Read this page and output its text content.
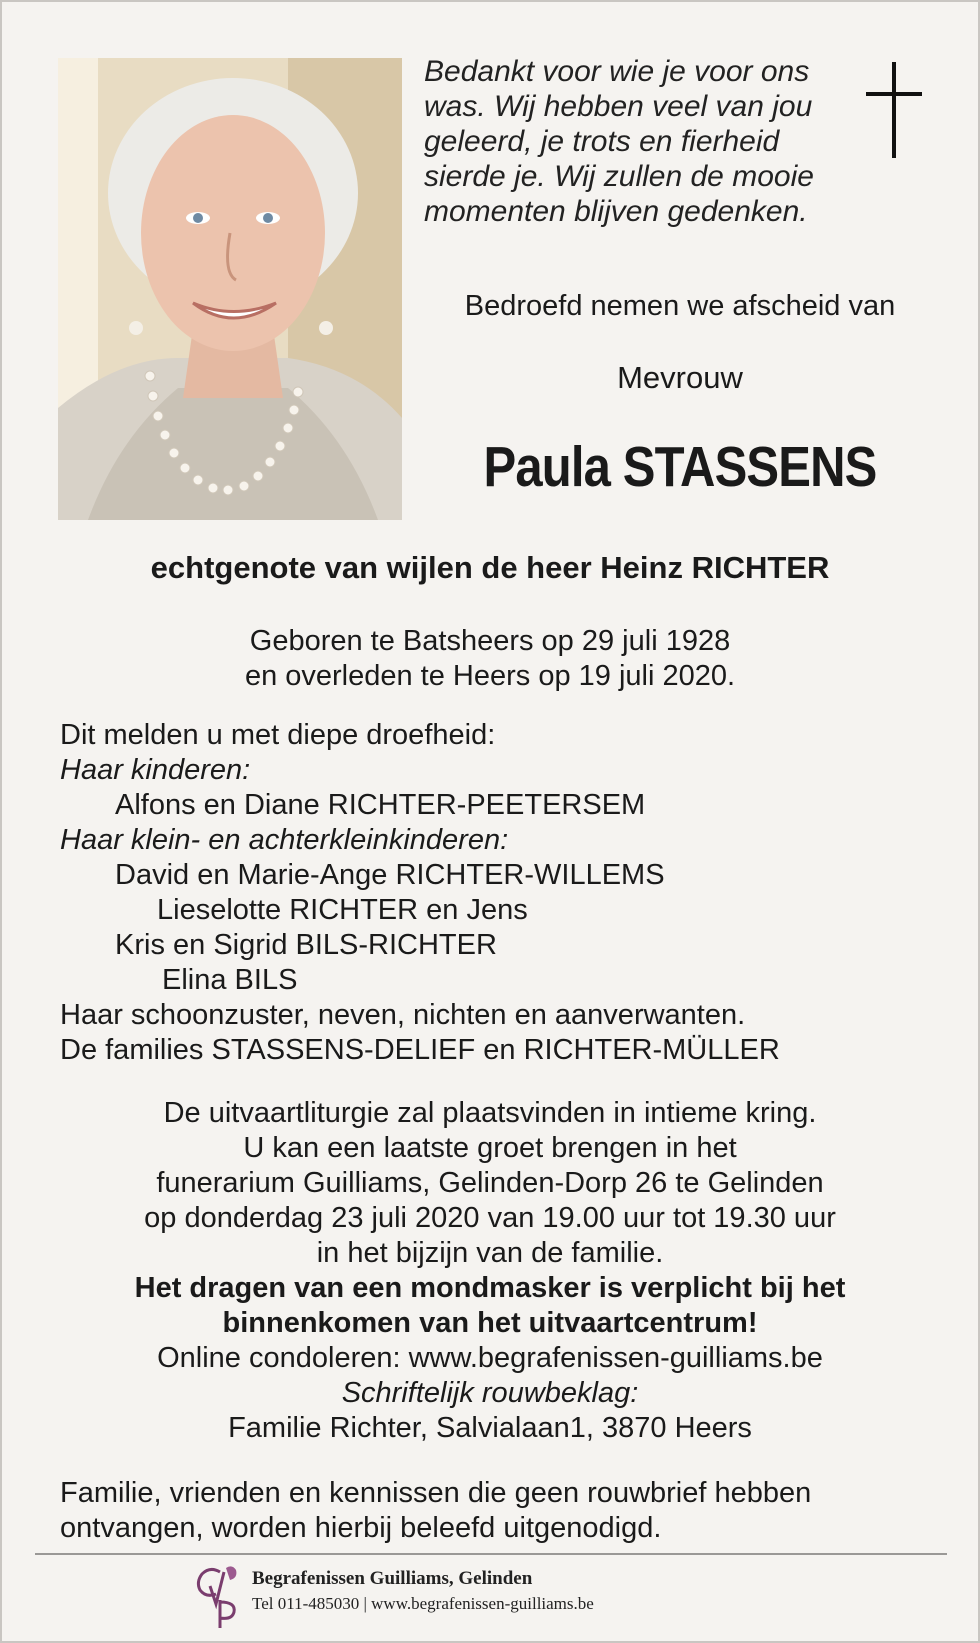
Bedankt voor wie je voor ons
was. Wij hebben veel van jou
geleerd, je trots en fierheid
sierde je. Wij zullen de mooie
momenten blijven gedenken.
Bedroefd nemen we afscheid van
Mevrouw
Paula STASSENS
echtgenote van wijlen de heer Heinz RICHTER
Geboren te Batsheers op 29 juli 1928
en overleden te Heers op 19 juli 2020.
Dit melden u met diepe droefheid:
Haar kinderen:
Alfons en Diane RICHTER-PEETERSEM
Haar klein- en achterkleinkinderen:
David en Marie-Ange RICHTER-WILLEMS
Lieselotte RICHTER en Jens
Kris en Sigrid BILS-RICHTER
Elina BILS
Haar schoonzuster, neven, nichten en aanverwanten.
De families STASSENS-DELIEF en RICHTER-MÜLLER
De uitvaartliturgie zal plaatsvinden in intieme kring.
U kan een laatste groet brengen in het
funerarium Guilliams, Gelinden-Dorp 26 te Gelinden
op donderdag 23 juli 2020 van 19.00 uur tot 19.30 uur
in het bijzijn van de familie.
Het dragen van een mondmasker is verplicht bij het
binnenkomen van het uitvaartcentrum!
Online condoleren: www.begrafenissen-guilliams.be
Schriftelijk rouwbeklag:
Familie Richter, Salvialaan1, 3870 Heers
Familie, vrienden en kennissen die geen rouwbrief hebben
ontvangen, worden hierbij beleefd uitgenodigd.
Begrafenissen Guilliams, Gelinden
Tel 011-485030 | www.begrafenissen-guilliams.be
